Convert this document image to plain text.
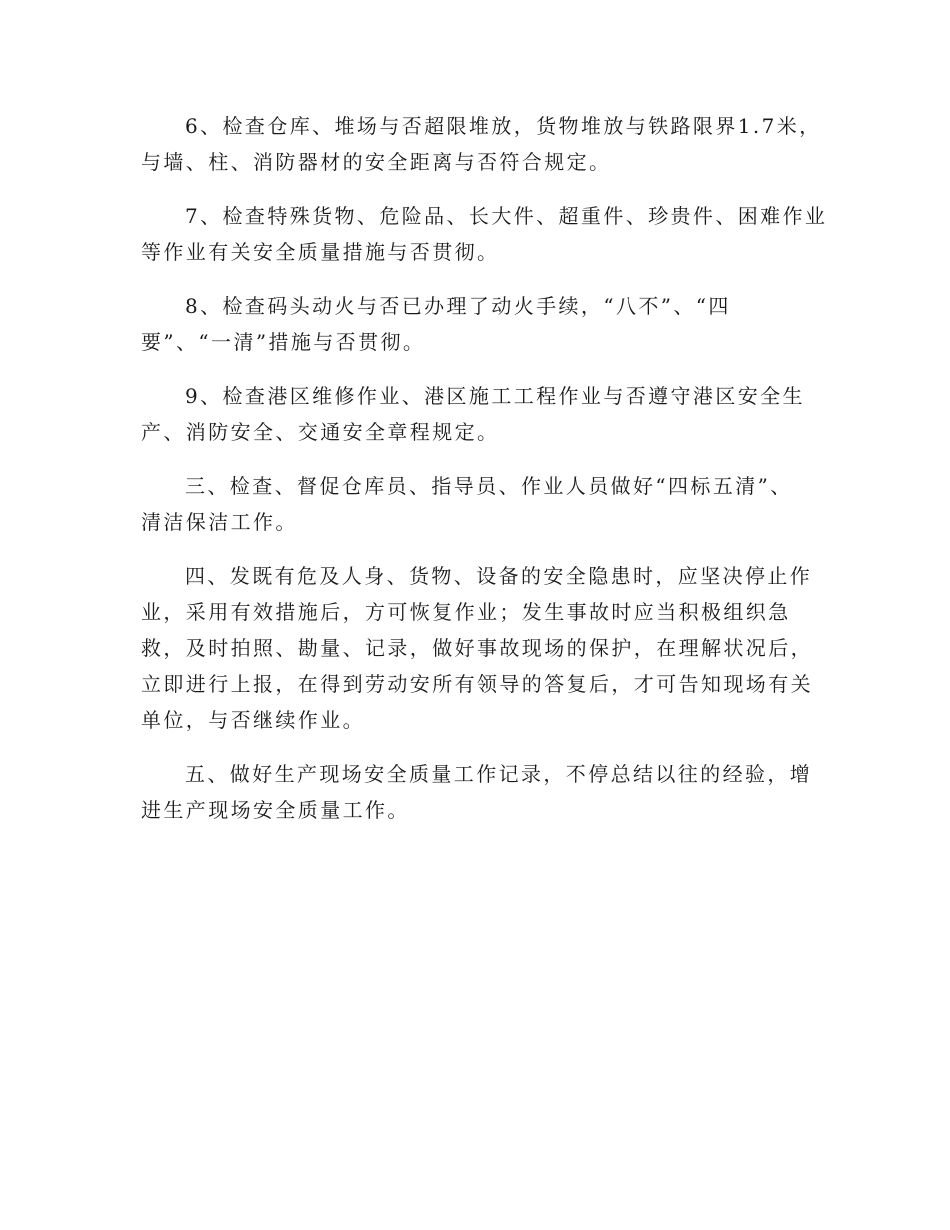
6、检查仓库、堆场与否超限堆放，货物堆放与铁路限界1.7米，
与墙、柱、消防器材的安全距离与否符合规定。

7、检查特殊货物、危险品、长大件、超重件、珍贵件、困难作业
等作业有关安全质量措施与否贯彻。

8、检查码头动火与否已办理了动火手续，“八不”、“四
要”、“一清”措施与否贯彻。

9、检查港区维修作业、港区施工工程作业与否遵守港区安全生
产、消防安全、交通安全章程规定。

三、检查、督促仓库员、指导员、作业人员做好“四标五清”、
清洁保洁工作。

四、发既有危及人身、货物、设备的安全隐患时，应坚决停止作
业，采用有效措施后，方可恢复作业；发生事故时应当积极组织急
救，及时拍照、勘量、记录，做好事故现场的保护，在理解状况后，
立即进行上报，在得到劳动安所有领导的答复后，才可告知现场有关
单位，与否继续作业。

五、做好生产现场安全质量工作记录，不停总结以往的经验，增
进生产现场安全质量工作。
